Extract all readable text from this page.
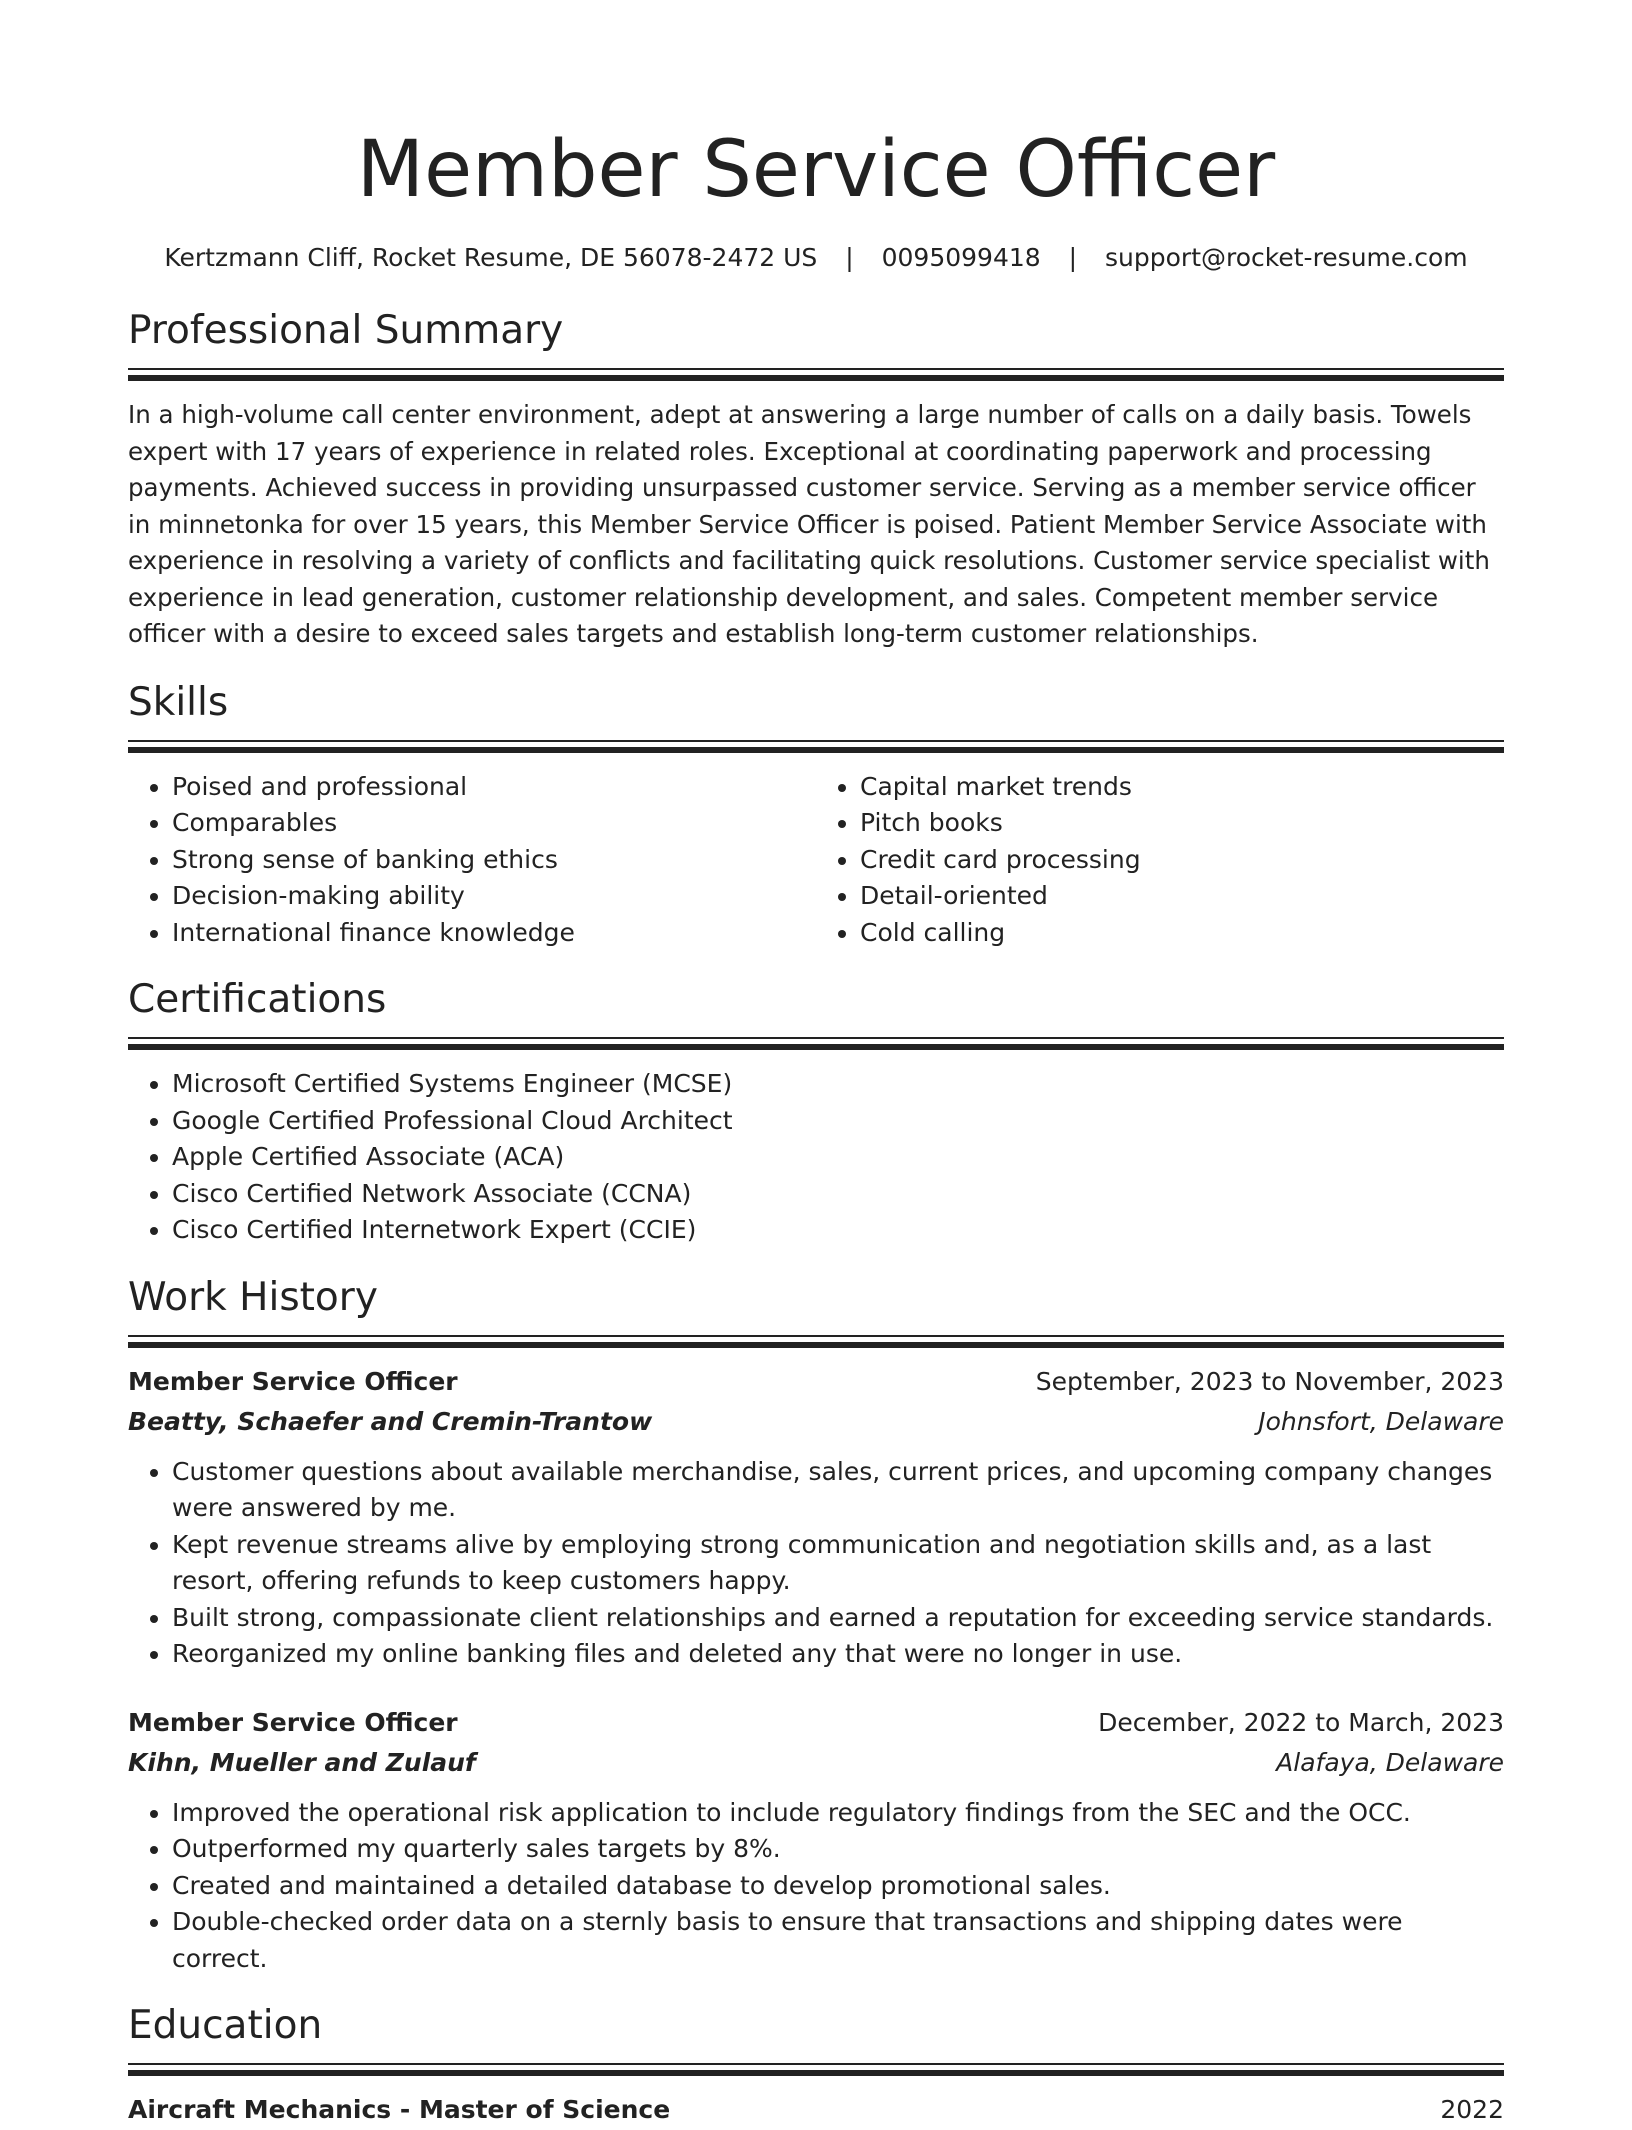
Member Service Officer
Kertzmann Cliff, Rocket Resume, DE 56078-2472 US | 0095099418 | support@rocket-resume.com
Professional Summary
In a high-volume call center environment, adept at answering a large number of calls on a daily basis. Towels expert with 17 years of experience in related roles. Exceptional at coordinating paperwork and processing payments. Achieved success in providing unsurpassed customer service. Serving as a member service officer in minnetonka for over 15 years, this Member Service Officer is poised. Patient Member Service Associate with experience in resolving a variety of conflicts and facilitating quick resolutions. Customer service specialist with experience in lead generation, customer relationship development, and sales. Competent member service officer with a desire to exceed sales targets and establish long-term customer relationships.
Skills
• Poised and professional
• Comparables
• Strong sense of banking ethics
• Decision-making ability
• International finance knowledge
• Capital market trends
• Pitch books
• Credit card processing
• Detail-oriented
• Cold calling
Certifications
• Microsoft Certified Systems Engineer (MCSE)
• Google Certified Professional Cloud Architect
• Apple Certified Associate (ACA)
• Cisco Certified Network Associate (CCNA)
• Cisco Certified Internetwork Expert (CCIE)
Work History
Member Service Officer	September, 2023 to November, 2023
Beatty, Schaefer and Cremin-Trantow	Johnsfort, Delaware
• Customer questions about available merchandise, sales, current prices, and upcoming company changes were answered by me.
• Kept revenue streams alive by employing strong communication and negotiation skills and, as a last resort, offering refunds to keep customers happy.
• Built strong, compassionate client relationships and earned a reputation for exceeding service standards.
• Reorganized my online banking files and deleted any that were no longer in use.
Member Service Officer	December, 2022 to March, 2023
Kihn, Mueller and Zulauf	Alafaya, Delaware
• Improved the operational risk application to include regulatory findings from the SEC and the OCC.
• Outperformed my quarterly sales targets by 8%.
• Created and maintained a detailed database to develop promotional sales.
• Double-checked order data on a sternly basis to ensure that transactions and shipping dates were correct.
Education
Aircraft Mechanics - Master of Science	2022
